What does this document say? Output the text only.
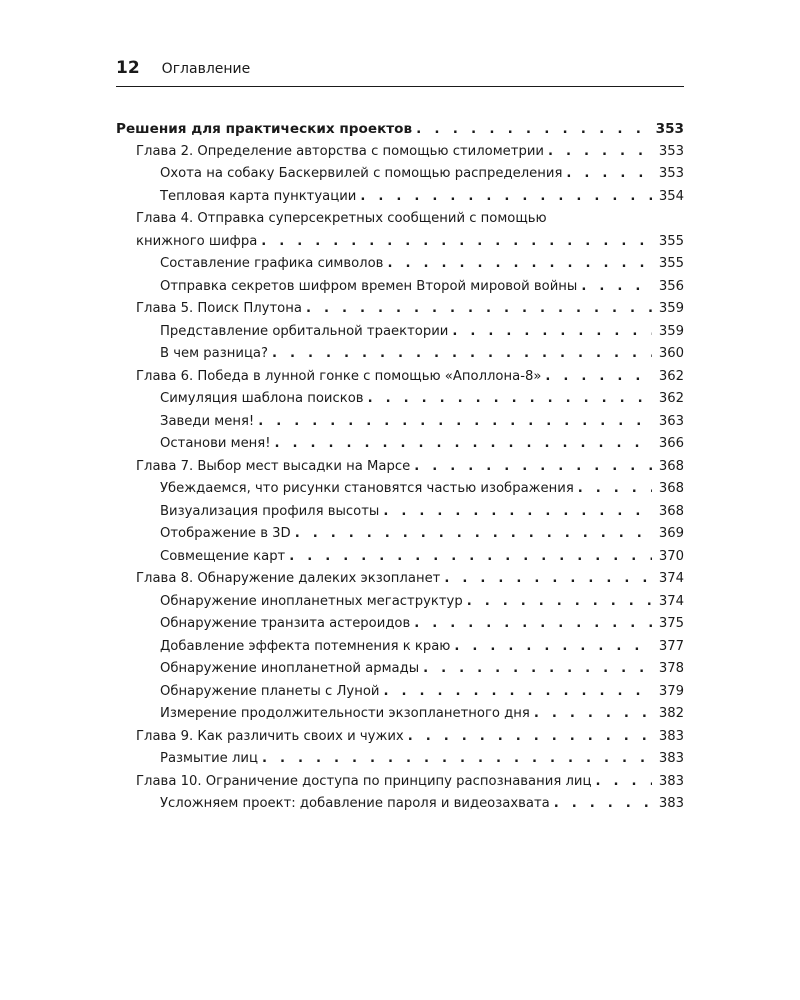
12 Оглавление
Решения для практических проектов . . .	353
Глава 2. Определение авторства с помощью стилометрии . . .	353
Охота на собаку Баскервилей с помощью распределения . . .	353
Тепловая карта пунктуации . . .	354
Глава 4. Отправка суперсекретных сообщений с помощью
книжного шифра . . .	355
Составление графика символов . . .	355
Отправка секретов шифром времен Второй мировой войны . . .	356
Глава 5. Поиск Плутона . . .	359
Представление орбитальной траектории . . .	359
В чем разница? . . .	360
Глава 6. Победа в лунной гонке с помощью «Аполлона-8» . . .	362
Симуляция шаблона поисков . . .	362
Заведи меня! . . .	363
Останови меня! . . .	366
Глава 7. Выбор мест высадки на Марсе . . .	368
Убеждаемся, что рисунки становятся частью изображения . . .	368
Визуализация профиля высоты . . .	368
Отображение в 3D . . .	369
Совмещение карт . . .	370
Глава 8. Обнаружение далеких экзопланет . . .	374
Обнаружение инопланетных мегаструктур . . .	374
Обнаружение транзита астероидов . . .	375
Добавление эффекта потемнения к краю . . .	377
Обнаружение инопланетной армады . . .	378
Обнаружение планеты с Луной . . .	379
Измерение продолжительности экзопланетного дня . . .	382
Глава 9. Как различить своих и чужих . . .	383
Размытие лиц . . .	383
Глава 10. Ограничение доступа по принципу распознавания лиц . . .	383
Усложняем проект: добавление пароля и видеозахвата . . .	383
